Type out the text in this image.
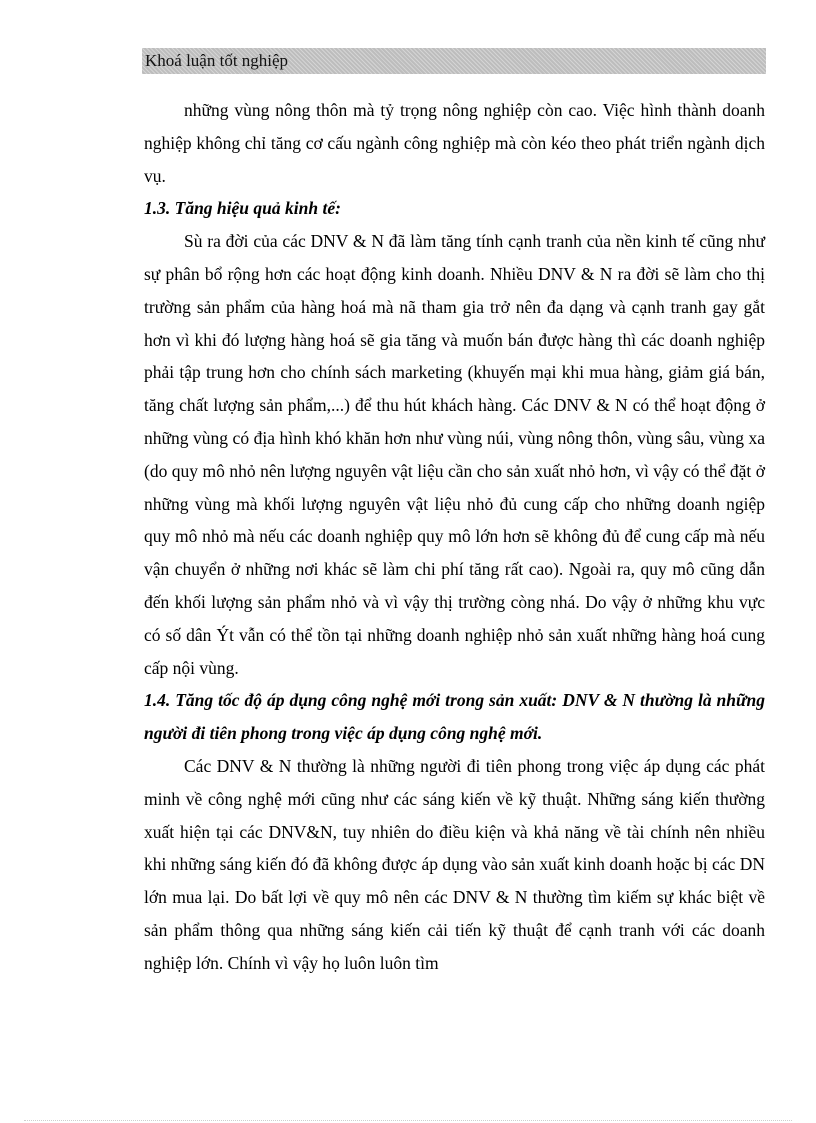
Khoá luận tốt nghiệp

những vùng nông thôn mà tỷ trọng nông nghiệp còn cao. Việc hình thành doanh nghiệp không chỉ tăng cơ cấu ngành công nghiệp mà còn kéo theo phát triển ngành dịch vụ.

1.3. Tăng hiệu quả kinh tế:

Sù ra đời của các DNV & N đã làm tăng tính cạnh tranh của nền kinh tế cũng như sự phân bổ rộng hơn các hoạt động kinh doanh. Nhiều DNV & N ra đời sẽ làm cho thị trường sản phẩm của hàng hoá mà nã tham gia trở nên đa dạng và cạnh tranh gay gắt hơn vì khi đó lượng hàng hoá sẽ gia tăng và muốn bán được hàng thì các doanh nghiệp phải tập trung hơn cho chính sách marketing (khuyến mại khi mua hàng, giảm giá bán, tăng chất lượng sản phẩm,...) để thu hút khách hàng. Các DNV & N có thể hoạt động ở những vùng có địa hình khó khăn hơn như vùng núi, vùng nông thôn, vùng sâu, vùng xa (do quy mô nhỏ nên lượng nguyên vật liệu cần cho sản xuất nhỏ hơn, vì vậy có thể đặt ở những vùng mà khối lượng nguyên vật liệu nhỏ đủ cung cấp cho những doanh ngiệp quy mô nhỏ mà nếu các doanh nghiệp quy mô lớn hơn sẽ không đủ để cung cấp mà nếu vận chuyển ở những nơi khác sẽ làm chi phí tăng rất cao). Ngoài ra, quy mô cũng dẫn đến khối lượng sản phẩm nhỏ và vì vậy thị trường còng nhá. Do vậy ở những khu vực có số dân Ýt vẫn có thể tồn tại những doanh nghiệp nhỏ sản xuất những hàng hoá cung cấp nội vùng.

1.4. Tăng tốc độ áp dụng công nghệ mới trong sản xuất: DNV & N thường là những người đi tiên phong trong việc áp dụng công nghệ mới.

Các DNV & N thường là những người đi tiên phong trong việc áp dụng các phát minh về công nghệ mới cũng như các sáng kiến về kỹ thuật. Những sáng kiến thường xuất hiện tại các DNV&N, tuy nhiên do điều kiện và khả năng về tài chính nên nhiều khi những sáng kiến đó đã không được áp dụng vào sản xuất kinh doanh hoặc bị các DN lớn mua lại. Do bất lợi về quy mô nên các DNV & N thường tìm kiếm sự khác biệt về sản phẩm thông qua những sáng kiến cải tiến kỹ thuật để cạnh tranh với các doanh nghiệp lớn. Chính vì vậy họ luôn luôn tìm
